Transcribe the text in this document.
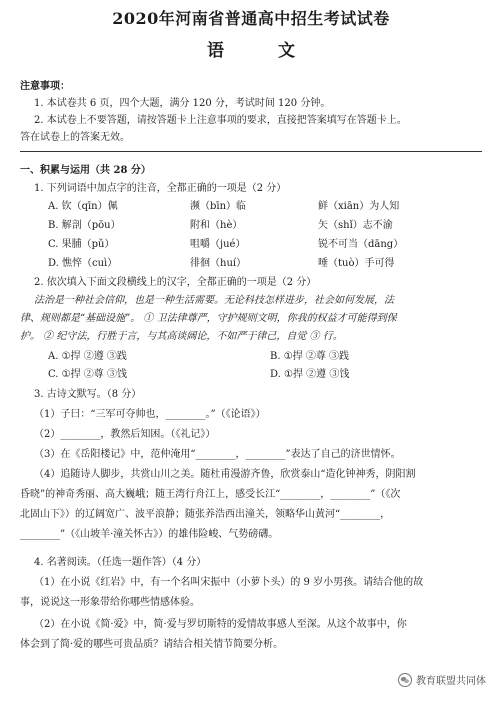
2020年河南省普通高中招生考试试卷
语 文
注意事项：
1. 本试卷共 6 页，四个大题，满分 120 分，考试时间 120 分钟。
2. 本试卷上不要答题，请按答题卡上注意事项的要求，直接把答案填写在答题卡上。
答在试卷上的答案无效。
一、积累与运用（共 28 分）
1. 下列词语中加点字的注音，全都正确的一项是（2 分）
A. 钦（qīn）佩	濒（bīn）临	鲜（xiān）为人知
B. 解剖（pōu）	附和（hè）	矢（shǐ）志不渝
C. 果脯（pǔ）	咀嚼（jué）	锐不可当（dāng）
D. 憔悴（cuì）	徘徊（huí）	唾（tuò）手可得
2. 依次填入下面文段横线上的汉字，全都正确的一项是（2 分）
法治是一种社会信仰，也是一种生活需要。无论科技怎样进步，社会如何发展，法
律、规则都是“基础设施”。 ① 卫法律尊严，守护规则文明，你我的权益才可能得到保
护。 ② 纪守法，行胜于言，与其高谈阔论，不如严于律己，自觉 ③ 行。
A. ①捍 ②遵 ③践	B. ①捍 ②尊 ③践
C. ①捍 ②尊 ③饯	D. ①捍 ②遵 ③饯
3. 古诗文默写。（8 分）
（1）子曰：“三军可夺帅也，________。”（《论语》）
（2）________，教然后知困。（《礼记》）
（3）在《岳阳楼记》中，范仲淹用“________，________”表达了自己的济世情怀。
（4）追随诗人脚步，共赏山川之美。随杜甫漫游齐鲁，欣赏泰山“造化钟神秀，阴阳割
昏晓”的神奇秀丽、高大巍峨；随王湾行舟江上，感受长江“________，________”（《次
北固山下》）的辽阔宽广、波平浪静；随张养浩西出潼关，领略华山黄河“________，
________”（《山坡羊·潼关怀古》）的雄伟险峻、气势磅礴。
4. 名著阅读。（任选一题作答）（4 分）
（1）在小说《红岩》中，有一个名叫宋振中（小萝卜头）的 9 岁小男孩。请结合他的故
事，说说这一形象带给你哪些情感体验。
（2）在小说《简·爱》中，简·爱与罗切斯特的爱情故事感人至深。从这个故事中，你
体会到了简·爱的哪些可贵品质？请结合相关情节简要分析。
教育联盟共同体
